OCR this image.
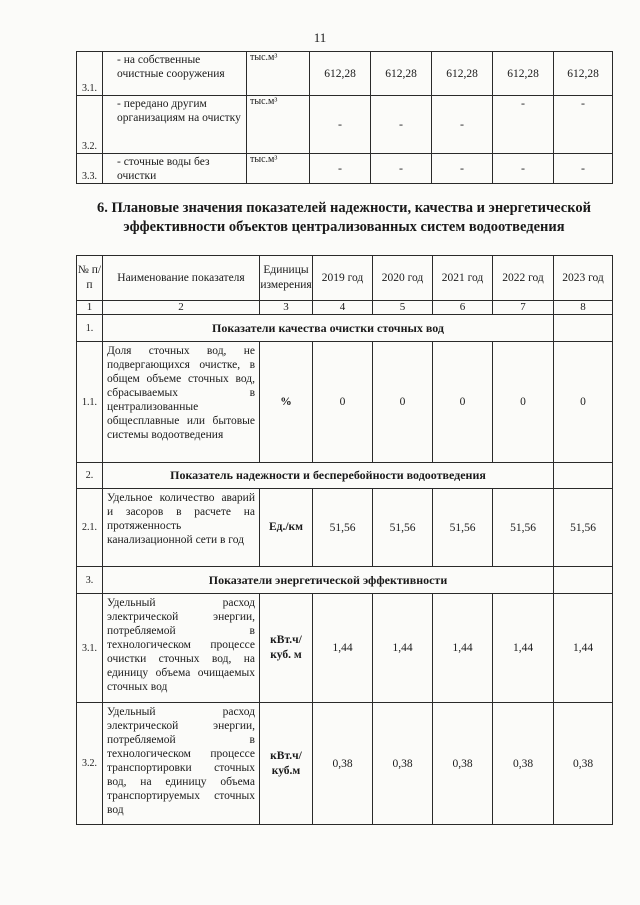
11
3.1.	- на собственные очистные сооружения	тыс.м³	612,28	612,28	612,28	612,28	612,28
3.2.	- передано другим организациям на очистку	тыс.м³	-	-	-	-	-
3.3.	- сточные воды без очистки	тыс.м³	-	-	-	-	-
6. Плановые значения показателей надежности, качества и энергетической эффективности объектов централизованных систем водоотведения
№ п/п	Наименование показателя	Единицы измерения	2019 год	2020 год	2021 год	2022 год	2023 год
1	2	3	4	5	6	7	8
1.	Показатели качества очистки сточных вод						
1.1.	Доля сточных вод, не подвергающихся очистке, в общем объеме сточных вод, сбрасываемых в централизованные общесплавные или бытовые системы водоотведения	%	0	0	0	0	0
2.	Показатель надежности и бесперебойности водоотведения						
2.1.	Удельное количество аварий и засоров в расчете на протяженность канализационной сети в год	Ед./км	51,56	51,56	51,56	51,56	51,56
3.	Показатели энергетической эффективности						
3.1.	Удельный расход электрической энергии, потребляемой в технологическом процессе очистки сточных вод, на единицу объема очищаемых сточных вод	кВт.ч/куб. м	1,44	1,44	1,44	1,44	1,44
3.2.	Удельный расход электрической энергии, потребляемой в технологическом процессе транспортировки сточных вод, на единицу объема транспортируемых сточных вод	кВт.ч/куб.м	0,38	0,38	0,38	0,38	0,38
